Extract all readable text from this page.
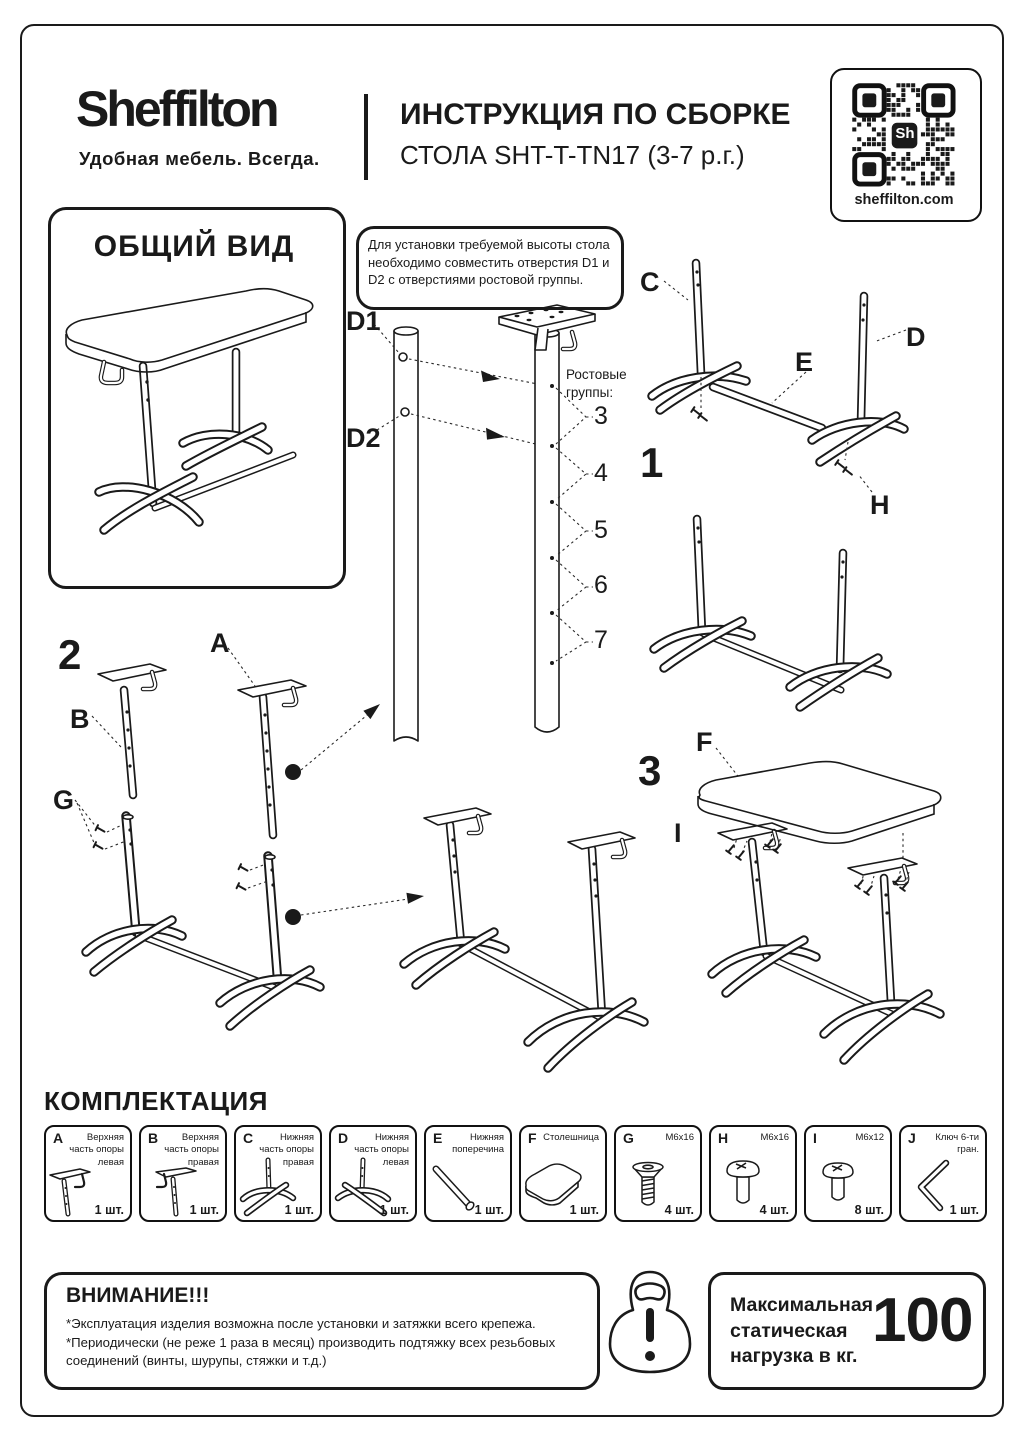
Sheffilton
Удобная мебель. Всегда.
ИНСТРУКЦИЯ ПО СБОРКЕ
СТОЛА SHT-T-TN17 (3-7 р.г.)
Sh
sheffilton.com
ОБЩИЙ ВИД	Для установки требуемой высоты стола необходимо совместить отверстия D1 и D2 с отверстиями ростовой группы.
D1
D2
Ростовые группы:
3
4
5
6
7
1
2
3
C
D
E
H
A
B
G
F
I
КОМПЛЕКТАЦИЯ
A	Верхняя часть опоры левая
1 шт.
B	Верхняя часть опоры правая
1 шт.
C	Нижняя часть опоры правая
1 шт.
D	Нижняя часть опоры левая
1 шт.
E	Нижняя поперечина
1 шт.
F Столешница
1 шт.
G	М6х16
4 шт.
H	М6х16
4 шт.
I	М6х12
8 шт.
J	Ключ 6-ти гран.
1 шт.
ВНИМАНИЕ!!!
*Эксплуатация изделия возможна после установки и затяжки всего крепежа.
*Периодически (не реже 1 раза в месяц) производить подтяжку всех резьбовых соединений (винты, шурупы, стяжки и т.д.)
Максимальная статическая нагрузка в кг.
100
